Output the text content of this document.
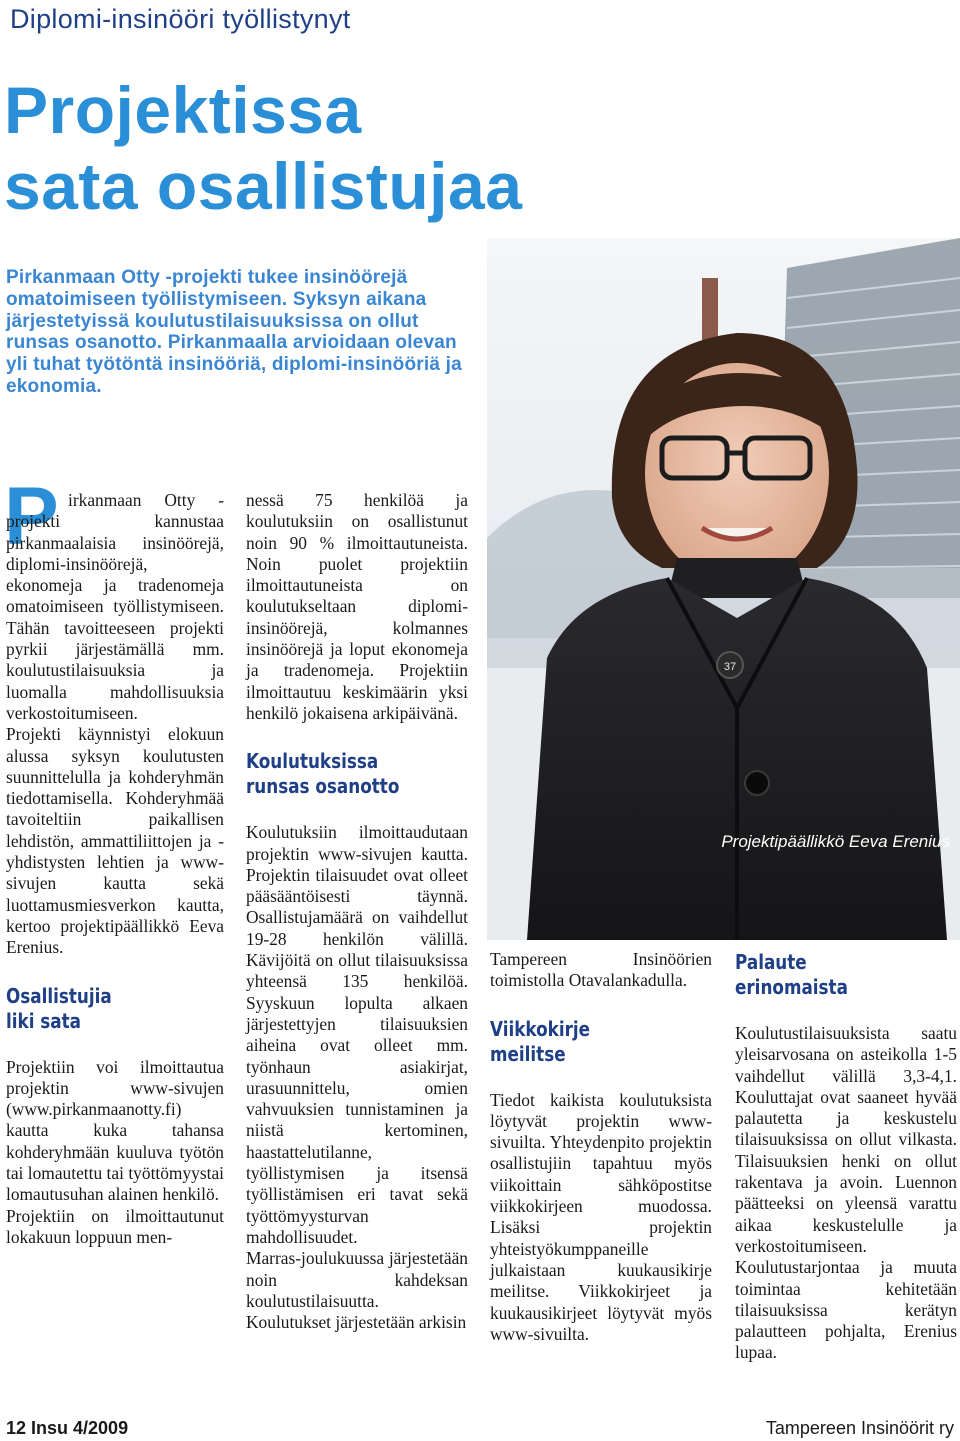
Diplomi-insinööri työllistynyt
Projektissa
sata osallistujaa
Pirkanmaan Otty -projekti tukee insinöörejä omatoimiseen työllistymiseen. Syksyn aikana järjestetyissä koulutustilaisuuksissa on ollut runsas osanotto. Pirkanmaalla arvioidaan olevan yli tuhat työtöntä insinööriä, diplomi-insinööriä ja ekonomia.
37
Projektipäällikkö Eeva Erenius
P irkanmaan Otty -projekti kannustaa pirkanmaalaisia insinöörejä, diplomi-insinöörejä, ekonomeja ja tradenomeja omatoimiseen työllistymiseen. Tähän tavoitteeseen projekti pyrkii järjestämällä mm. koulutustilaisuuksia ja luomalla mahdollisuuksia verkostoitumiseen.

Projekti käynnistyi elokuun alussa syksyn koulutusten suunnittelulla ja kohderyhmän tiedottamisella. Kohderyhmää tavoiteltiin paikallisen lehdistön, ammattiliittojen ja -yhdistysten lehtien ja www-sivujen kautta sekä luottamusmiesverkon kautta, kertoo projektipäällikkö Eeva Erenius.

Osallistujia liki sata

Projektiin voi ilmoittautua projektin www-sivujen (www.pirkanmaanotty.fi) kautta kuka tahansa kohderyhmään kuuluva työtön tai lomautettu tai työttömyystai lomautusuhan alainen henkilö.

Projektiin on ilmoittautunut lokakuun loppuun men-

nessä 75 henkilöä ja koulutuksiin on osallistunut noin 90 % ilmoittautuneista. Noin puolet projektiin ilmoittautuneista on koulutukseltaan diplomi-insinöörejä, kolmannes insinöörejä ja loput ekonomeja ja tradenomeja. Projektiin ilmoittautuu keskimäärin yksi henkilö jokaisena arkipäivänä.

Koulutuksissa runsas osanotto

Koulutuksiin ilmoittaudutaan projektin www-sivujen kautta. Projektin tilaisuudet ovat olleet pääsääntöisesti täynnä. Osallistujamäärä on vaihdellut 19-28 henkilön välillä. Kävijöitä on ollut tilaisuuksissa yhteensä 135 henkilöä. Syyskuun lopulta alkaen järjestettyjen tilaisuuksien aiheina ovat olleet mm. työnhaun asiakirjat, urasuunnittelu, omien vahvuuksien tunnistaminen ja niistä kertominen, haastattelutilanne, työllistymisen ja itsensä työllistämisen eri tavat sekä työttömyysturvan mahdollisuudet.

Marras-joulukuussa järjestetään noin kahdeksan koulutustilaisuutta. Koulutukset järjestetään arkisin

Tampereen Insinöörien toimistolla Otavalankadulla.

Viikkokirje meilitse

Tiedot kaikista koulutuksista löytyvät projektin www-sivuilta. Yhteydenpito projektin osallistujiin tapahtuu myös viikoittain sähköpostitse viikkokirjeen muodossa. Lisäksi projektin yhteistyökumppaneille julkaistaan kuukausikirje meilitse. Viikkokirjeet ja kuukausikirjeet löytyvät myös www-sivuilta.

Palaute erinomaista

Koulutustilaisuuksista saatu yleisarvosana on asteikolla 1-5 vaihdellut välillä 3,3-4,1. Kouluttajat ovat saaneet hyvää palautetta ja keskustelu tilaisuuksissa on ollut vilkasta. Tilaisuuksien henki on ollut rakentava ja avoin. Luennon päätteeksi on yleensä varattu aikaa keskustelulle ja verkostoitumiseen. Koulutustarjontaa ja muuta toimintaa kehitetään tilaisuuksissa kerätyn palautteen pohjalta, Erenius lupaa.

12 Insu 4/2009	Tampereen Insinöörit ry
